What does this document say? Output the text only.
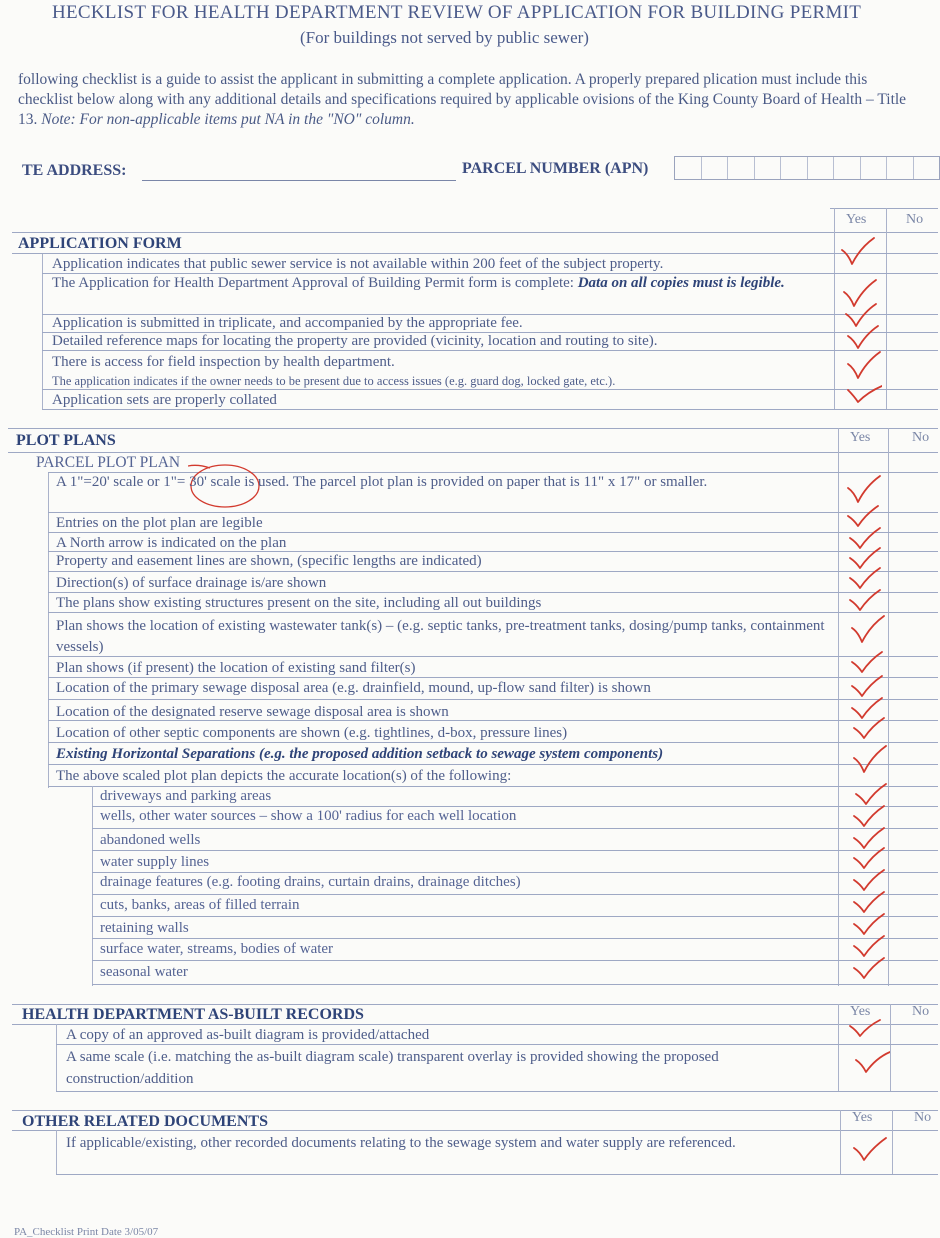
HECKLIST FOR HEALTH DEPARTMENT REVIEW OF APPLICATION FOR BUILDING PERMIT
(For buildings not served by public sewer)
following checklist is a guide to assist the applicant in submitting a complete application. A properly prepared plication must include this checklist below along with any additional details and specifications required by applicable ovisions of the King County Board of Health – Title 13. Note: For non-applicable items put NA in the "NO" column.
TE ADDRESS:	PARCEL NUMBER (APN)
Yes	No
APPLICATION FORM
Application indicates that public sewer service is not available within 200 feet of the subject property.
The Application for Health Department Approval of Building Permit form is complete: Data on all copies must is legible.
Application is submitted in triplicate, and accompanied by the appropriate fee.
Detailed reference maps for locating the property are provided (vicinity, location and routing to site).
There is access for field inspection by health department.
The application indicates if the owner needs to be present due to access issues (e.g. guard dog, locked gate, etc.).
Application sets are properly collated
PLOT PLANS	Yes	No
PARCEL PLOT PLAN
A 1"=20' scale or 1"= 30' scale is used. The parcel plot plan is provided on paper that is 11" x 17" or smaller.
Entries on the plot plan are legible
A North arrow is indicated on the plan
Property and easement lines are shown, (specific lengths are indicated)
Direction(s) of surface drainage is/are shown
The plans show existing structures present on the site, including all out buildings
Plan shows the location of existing wastewater tank(s) – (e.g. septic tanks, pre-treatment tanks, dosing/pump tanks, containment vessels)
Plan shows (if present) the location of existing sand filter(s)
Location of the primary sewage disposal area (e.g. drainfield, mound, up-flow sand filter) is shown
Location of the designated reserve sewage disposal area is shown
Location of other septic components are shown (e.g. tightlines, d-box, pressure lines)
Existing Horizontal Separations (e.g. the proposed addition setback to sewage system components)
The above scaled plot plan depicts the accurate location(s) of the following:
driveways and parking areas
wells, other water sources – show a 100' radius for each well location
abandoned wells
water supply lines
drainage features (e.g. footing drains, curtain drains, drainage ditches)
cuts, banks, areas of filled terrain
retaining walls
surface water, streams, bodies of water
seasonal water
HEALTH DEPARTMENT AS-BUILT RECORDS	Yes	No
A copy of an approved as-built diagram is provided/attached
A same scale (i.e. matching the as-built diagram scale) transparent overlay is provided showing the proposed construction/addition
OTHER RELATED DOCUMENTS	Yes	No
If applicable/existing, other recorded documents relating to the sewage system and water supply are referenced.
PA_Checklist Print Date 3/05/07
